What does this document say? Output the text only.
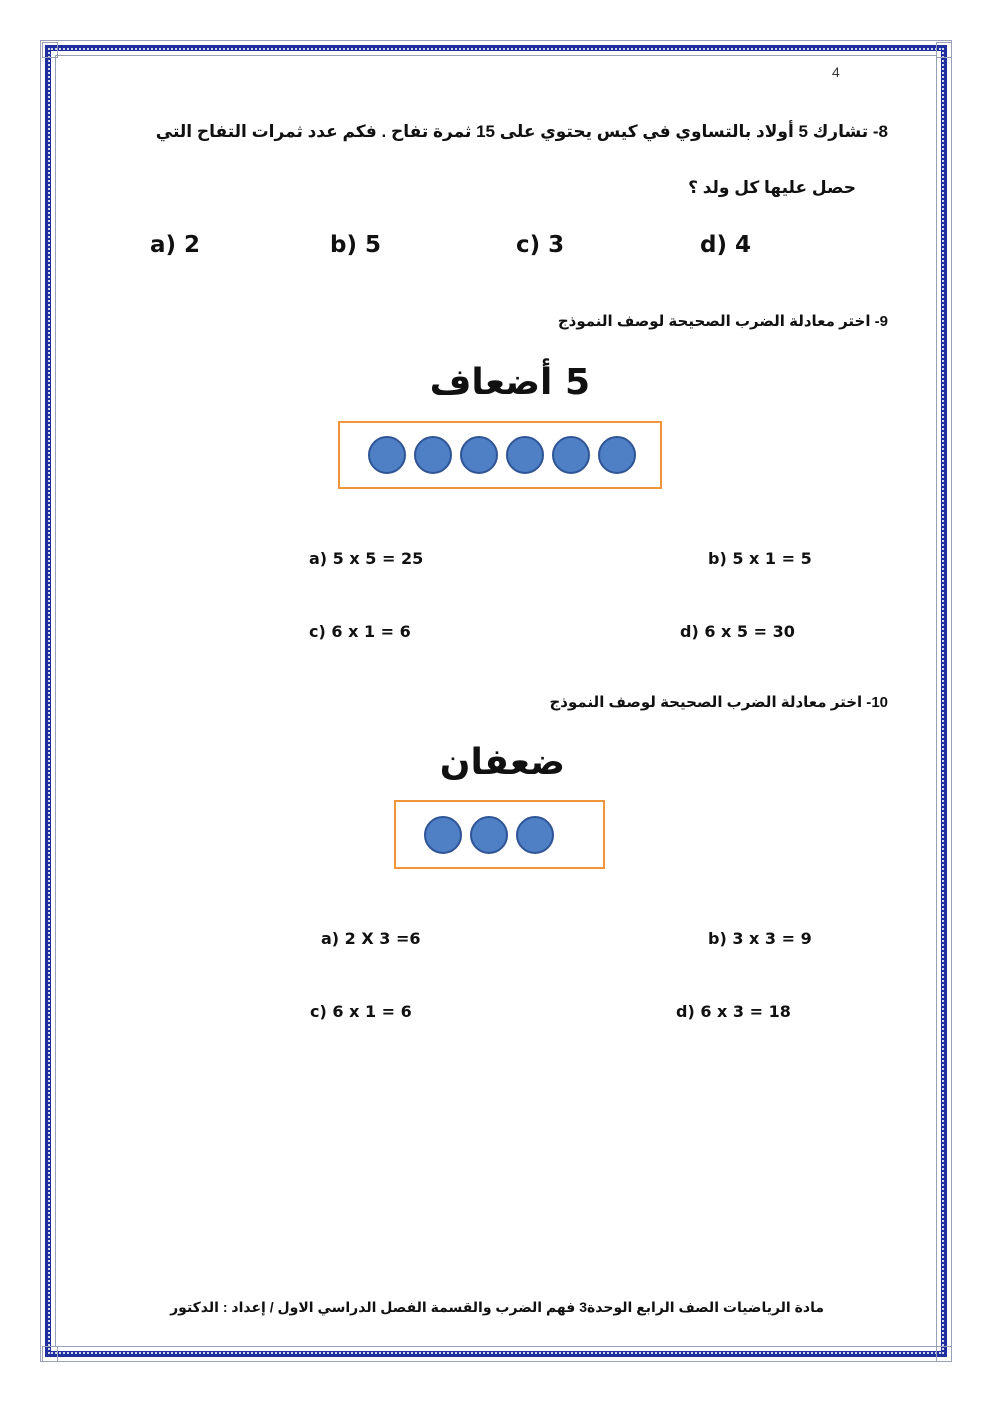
4
8- تشارك 5 أولاد بالتساوي في كيس يحتوي على 15 ثمرة تفاح . فكم عدد ثمرات التفاح التي
حصل عليها كل ولد ؟
a) 2	b) 5	c) 3	d) 4
9- اختر معادلة الضرب الصحيحة لوصف النموذج
5 أضعاف
a) 5 x 5 = 25	b) 5 x 1 = 5
c) 6 x 1 = 6	d) 6 x 5 = 30
10- اختر معادلة الضرب الصحيحة لوصف النموذج
ضعفان
a) 2 X 3 =6	b) 3 x 3 = 9
c) 6 x 1 = 6	d) 6 x 3 = 18
مادة الرياضيات الصف الرابع الوحدة3 فهم الضرب والقسمة الفصل الدراسي الاول / إعداد : الدكتور
